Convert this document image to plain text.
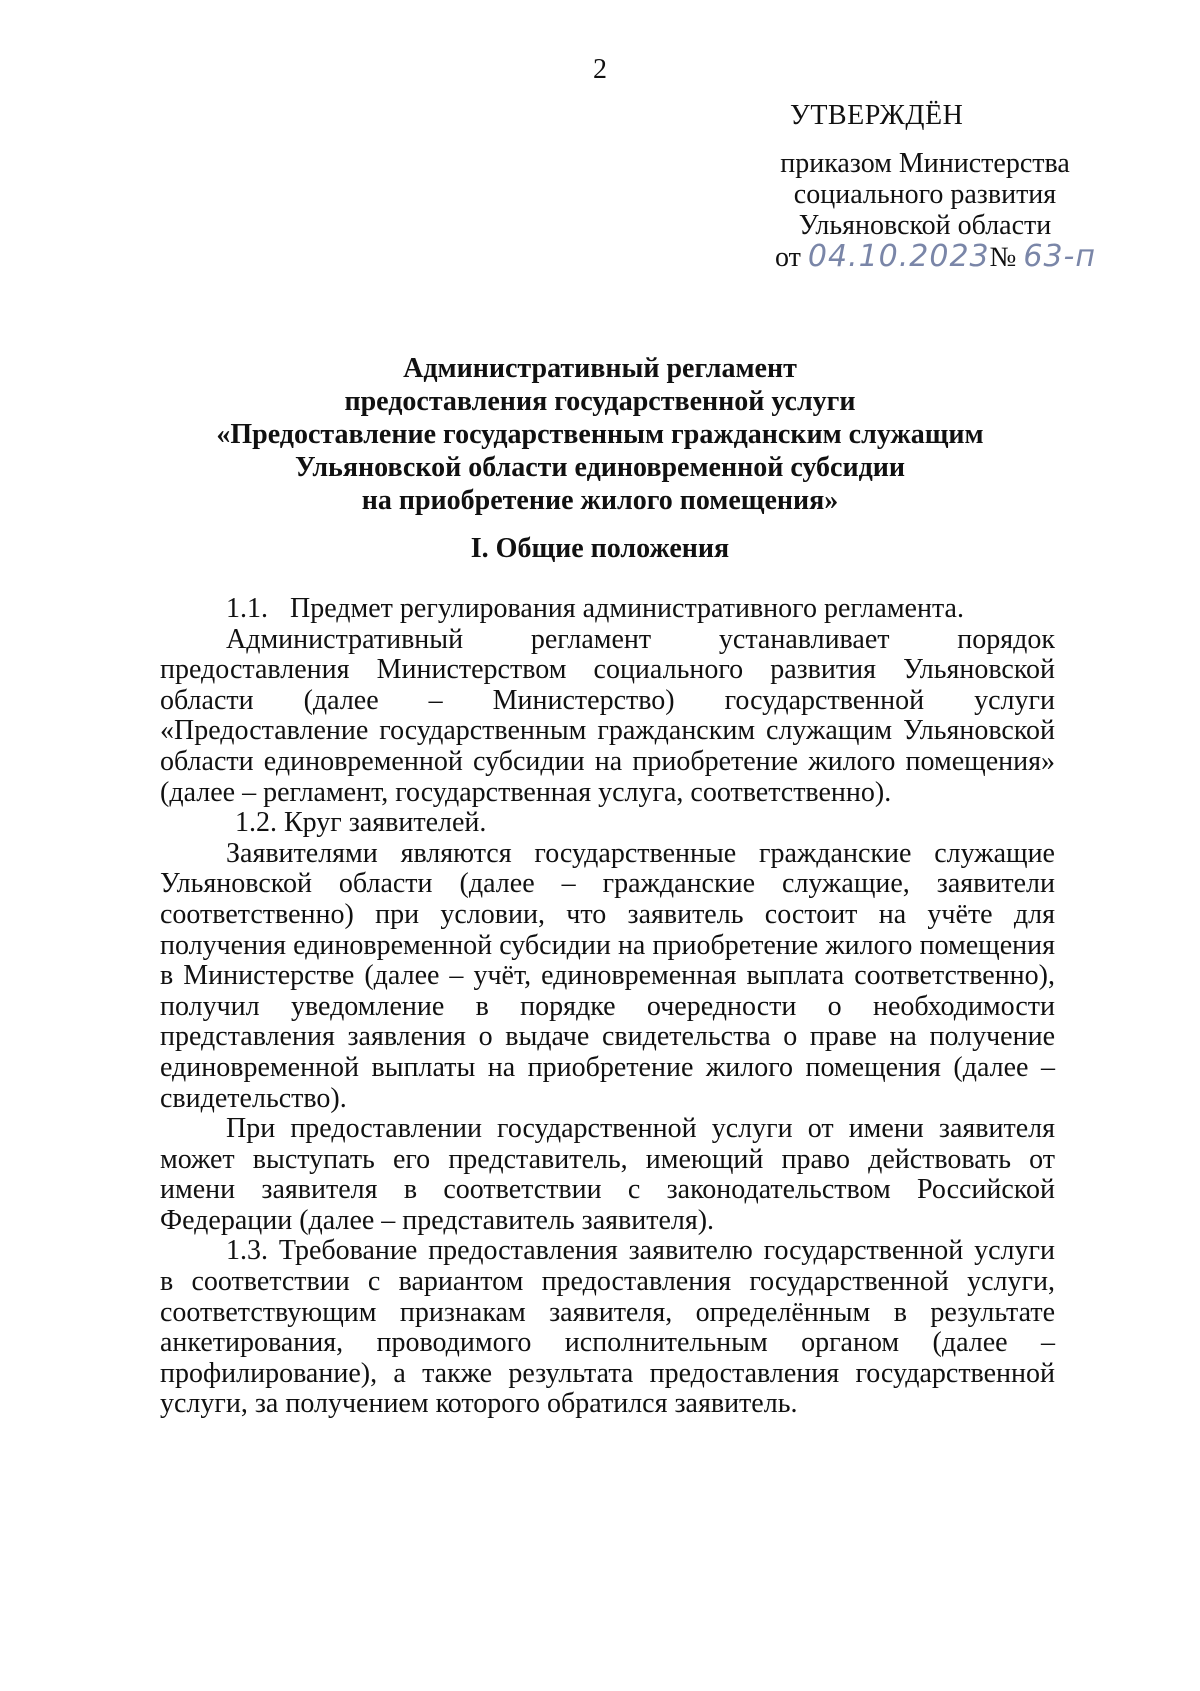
2
УТВЕРЖДЁН
приказом Министерства
социального развития
Ульяновской области
от 04.10.2023№ 63-п
Административный регламент
предоставления государственной услуги
«Предоставление государственным гражданским служащим
Ульяновской области единовременной субсидии
на приобретение жилого помещения»
I. Общие положения

1.1. Предмет регулирования административного регламента.

Административный регламент устанавливает порядок предоставления Министерством социального развития Ульяновской области (далее – Министерство) государственной услуги «Предоставление государственным гражданским служащим Ульяновской области единовременной субсидии на приобретение жилого помещения» (далее – регламент, государственная услуга, соответственно).

1.2. Круг заявителей.

Заявителями являются государственные гражданские служащие Ульяновской области (далее – гражданские служащие, заявители соответственно) при условии, что заявитель состоит на учёте для получения единовременной субсидии на приобретение жилого помещения в Министерстве (далее – учёт, единовременная выплата соответственно), получил уведомление в порядке очередности о необходимости представления заявления о выдаче свидетельства о праве на получение единовременной выплаты на приобретение жилого помещения (далее – свидетельство).

При предоставлении государственной услуги от имени заявителя может выступать его представитель, имеющий право действовать от имени заявителя в соответствии с законодательством Российской Федерации (далее – представитель заявителя).

1.3. Требование предоставления заявителю государственной услуги в соответствии с вариантом предоставления государственной услуги, соответствующим признакам заявителя, определённым в результате анкетирования, проводимого исполнительным органом (далее – профилирование), а также результата предоставления государственной услуги, за получением которого обратился заявитель.
